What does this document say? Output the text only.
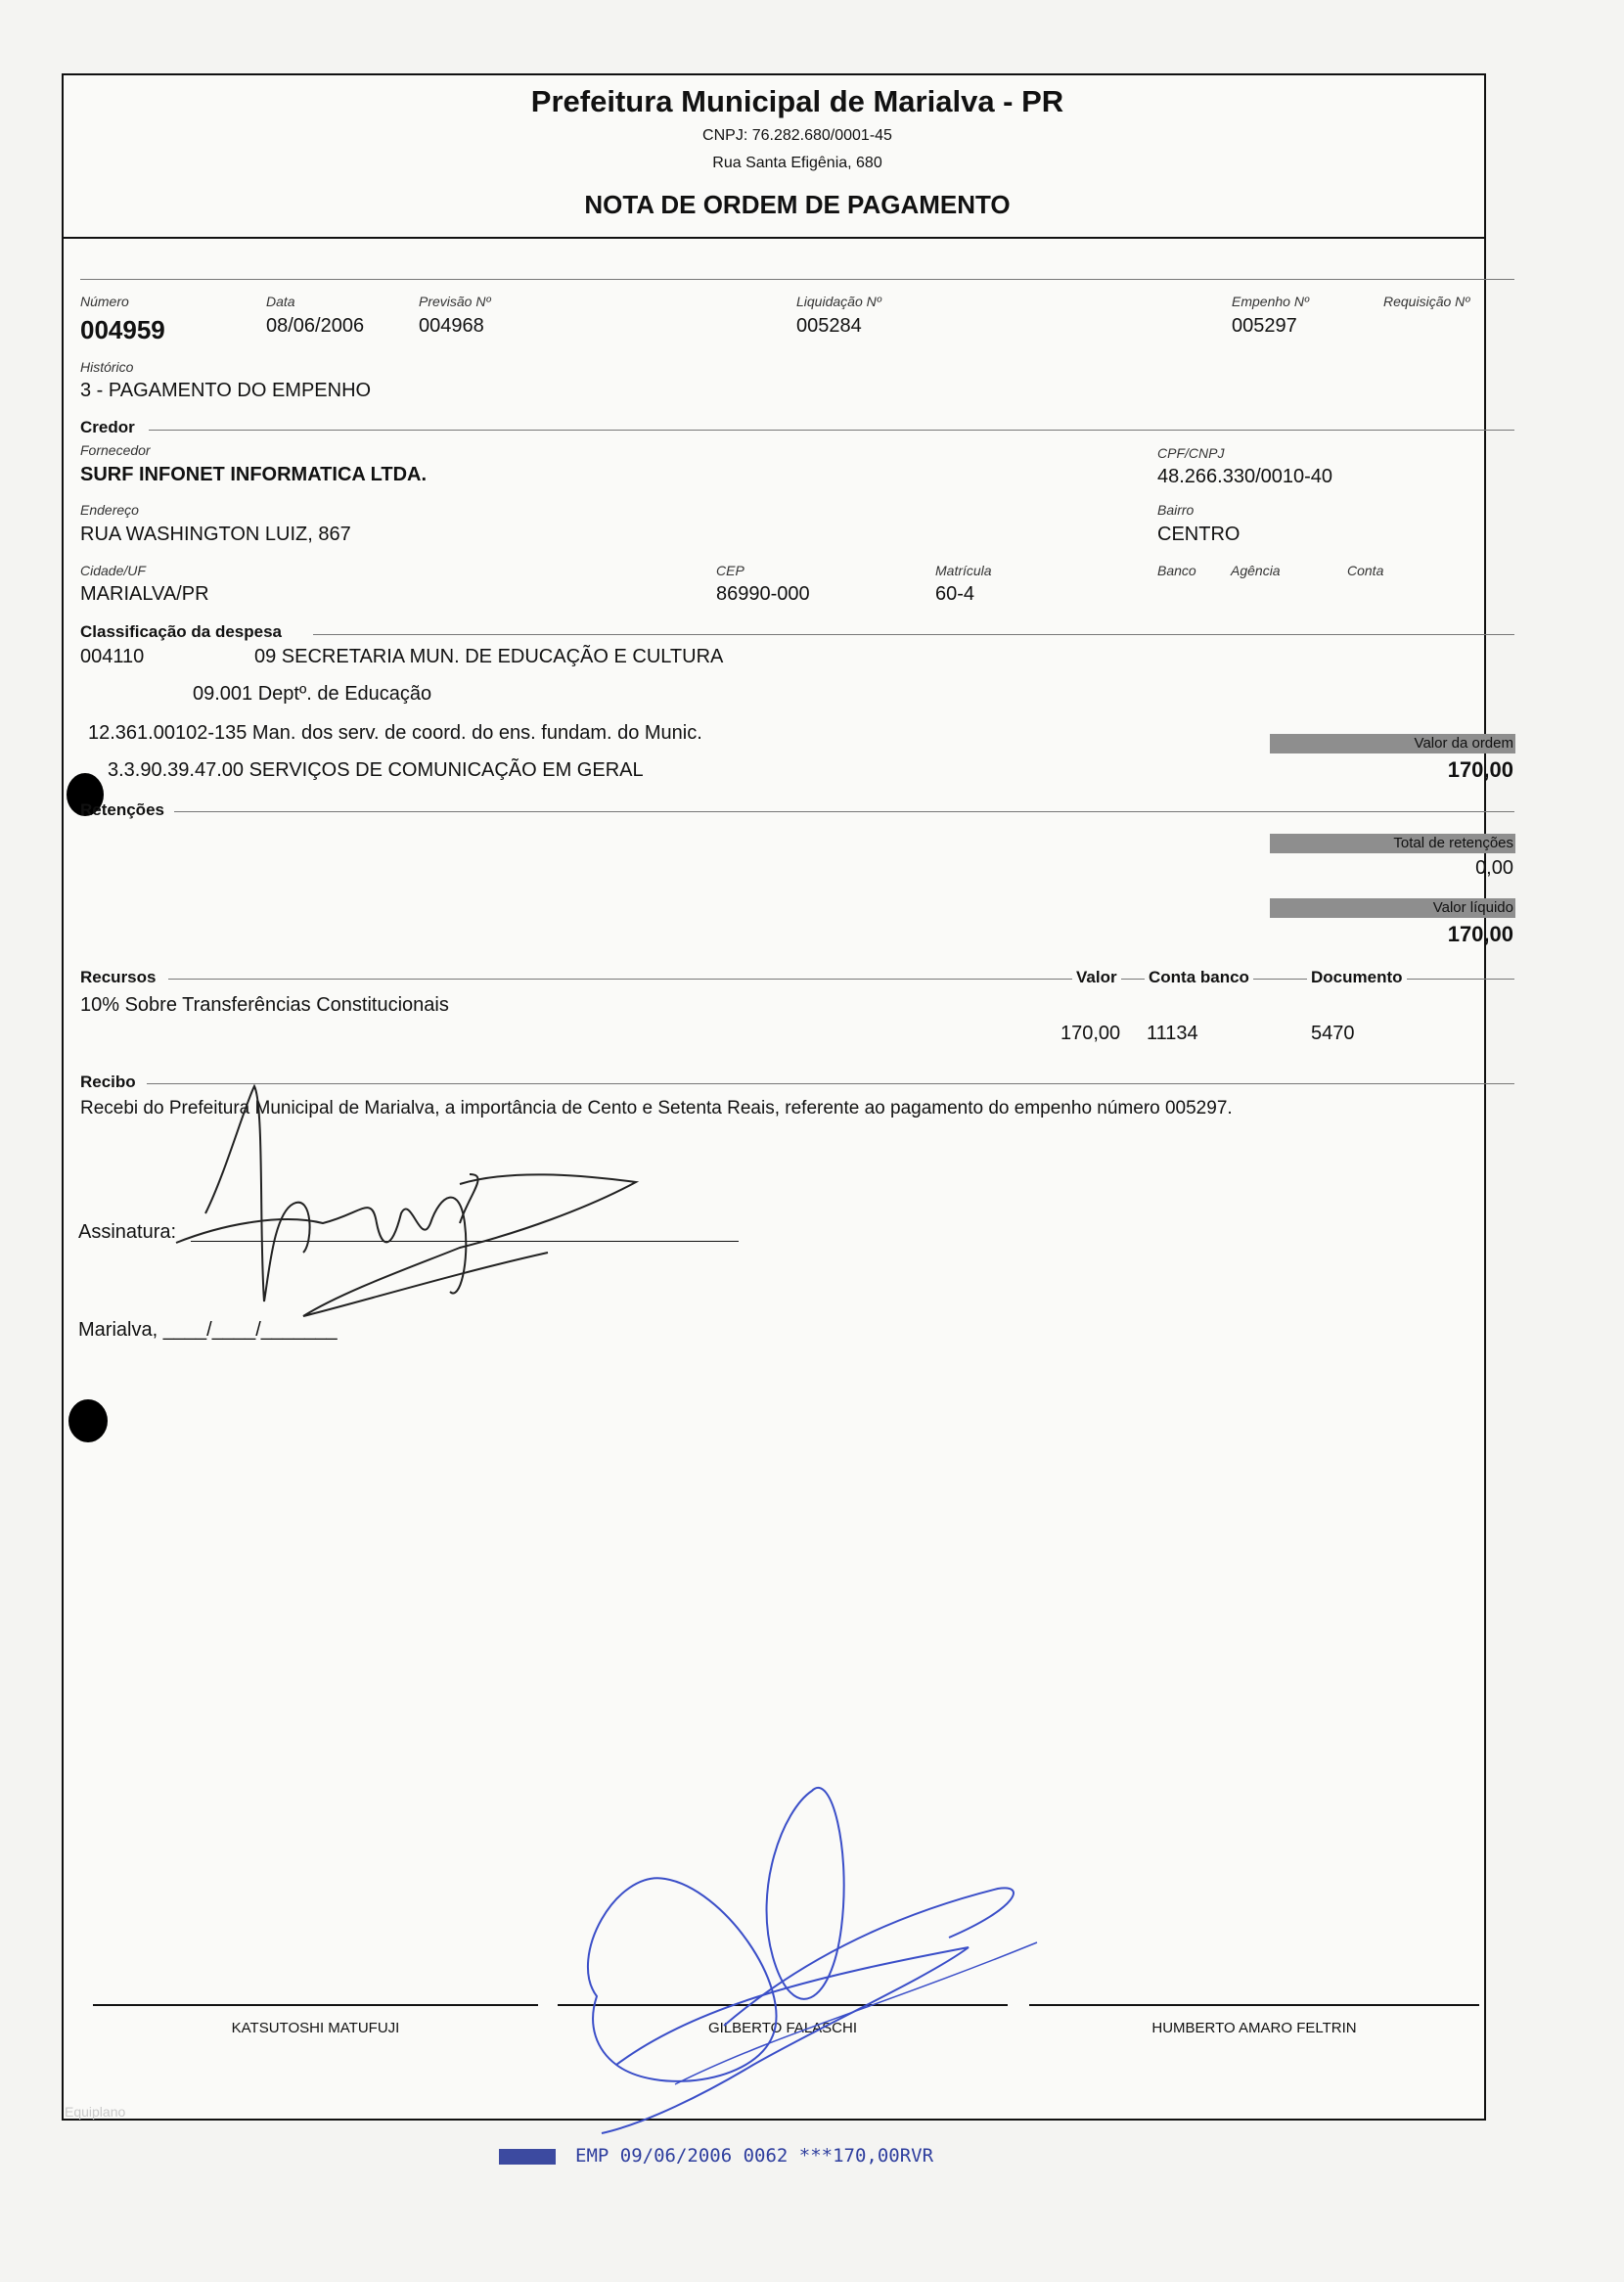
Prefeitura Municipal de Marialva - PR
CNPJ: 76.282.680/0001-45
Rua Santa Efigênia, 680
NOTA DE ORDEM DE PAGAMENTO
Número
004959
Data
08/06/2006
Previsão Nº
004968
Liquidação Nº
005284
Empenho Nº
005297
Requisição Nº
Histórico
3 - PAGAMENTO DO EMPENHO
Credor
Fornecedor
SURF INFONET INFORMATICA LTDA.
CPF/CNPJ
48.266.330/0010-40
Endereço
RUA WASHINGTON LUIZ, 867
Bairro
CENTRO
Cidade/UF
MARIALVA/PR
CEP
86990-000
Matrícula
60-4
Banco	Agência	Conta
Classificação da despesa
004110	09 SECRETARIA MUN. DE EDUCAÇÃO E CULTURA
09.001 Deptº. de Educação
12.361.00102-135 Man. dos serv. de coord. do ens. fundam. do Munic.
3.3.90.39.47.00 SERVIÇOS DE COMUNICAÇÃO EM GERAL
Valor da ordem
170,00
Retenções
Total de retenções
0,00
Valor líquido
170,00
Recursos	Valor Conta banco	Documento
10% Sobre Transferências Constitucionais
170,00 11134	5470
Recibo
Recebi do Prefeitura Municipal de Marialva, a importância de Cento e Setenta Reais, referente ao pagamento do empenho número 005297.
Assinatura:
Marialva, ____/____/_______
KATSUTOSHI MATUFUJI	GILBERTO FALASCHI	HUMBERTO AMARO FELTRIN
Equiplano
EMP 09/06/2006 0062 ***170,00RVR
